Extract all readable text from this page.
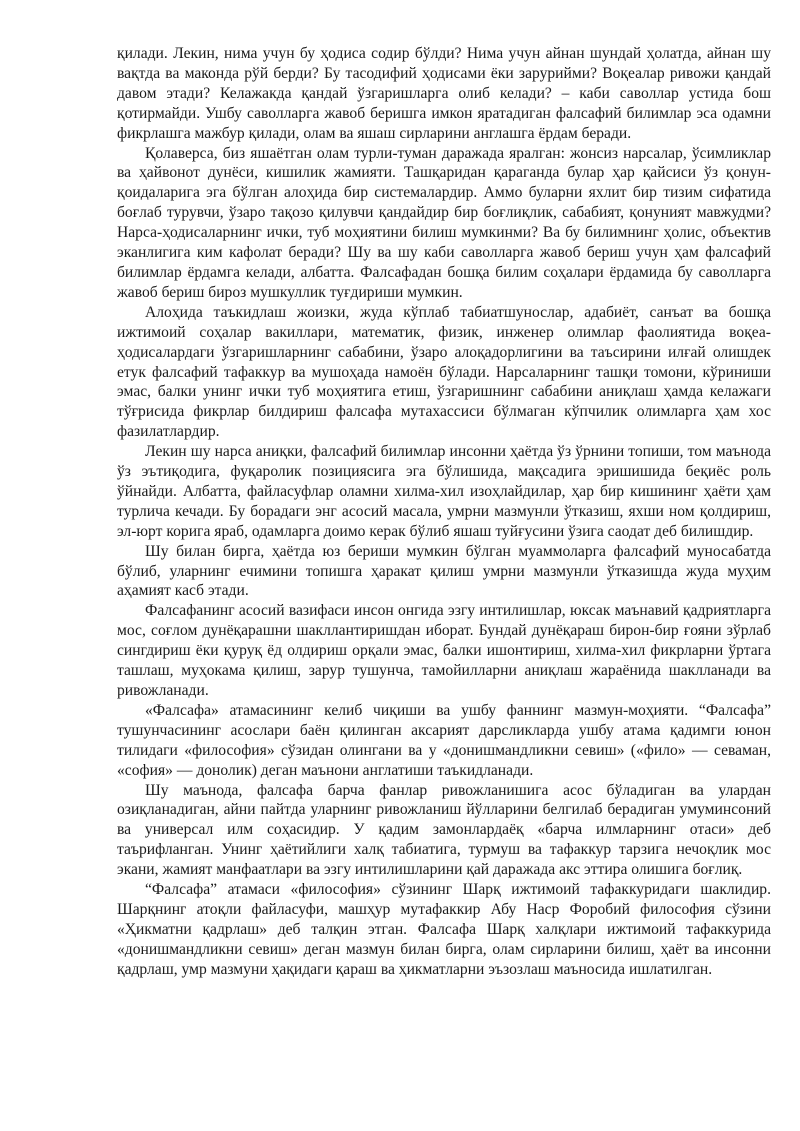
қилади. Лекин, нима учун бу ҳодиса содир бўлди? Нима учун айнан шундай ҳолатда, айнан шу вақтда ва маконда рўй берди? Бу тасодифий ҳодисами ёки зарурийми? Воқеалар ривожи қандай давом этади? Келажакда қандай ўзгаришларга олиб келади? – каби саволлар устида бош қотирмайди. Ушбу саволларга жавоб беришга имкон яратадиган фалсафий билимлар эса одамни фикрлашга мажбур қилади, олам ва яшаш сирларини англашга ёрдам беради.

Қолаверса, биз яшаётган олам турли-туман даражада яралган: жонсиз нарсалар, ўсимликлар ва ҳайвонот дунёси, кишилик жамияти. Ташқаридан қараганда булар ҳар қайсиси ўз қонун-қоидаларига эга бўлган алоҳида бир системалардир. Аммо буларни яхлит бир тизим сифатида боғлаб турувчи, ўзаро тақозо қилувчи қандайдир бир боғлиқлик, сабабият, қонуният мавжудми? Нарса-ҳодисаларнинг ички, туб моҳиятини билиш мумкинми? Ва бу билимнинг ҳолис, объектив эканлигига ким кафолат беради? Шу ва шу каби саволларга жавоб бериш учун ҳам фалсафий билимлар ёрдамга келади, албатта. Фалсафадан бошқа билим соҳалари ёрдамида бу саволларга жавоб бериш бироз мушкуллик туғдириши мумкин.

Алоҳида таъкидлаш жоизки, жуда кўплаб табиатшунослар, адабиёт, санъат ва бошқа ижтимоий соҳалар вакиллари, математик, физик, инженер олимлар фаолиятида воқеа-ҳодисалардаги ўзгаришларнинг сабабини, ўзаро алоқадорлигини ва таъсирини илғай олишдек етук фалсафий тафаккур ва мушоҳада намоён бўлади. Нарсаларнинг ташқи томони, кўриниши эмас, балки унинг ички туб моҳиятига етиш, ўзгаришнинг сабабини аниқлаш ҳамда келажаги тўғрисида фикрлар билдириш фалсафа мутахассиси бўлмаган кўпчилик олимларга ҳам хос фазилатлардир.

Лекин шу нарса аниқки, фалсафий билимлар инсонни ҳаётда ўз ўрнини топиши, том маънода ўз эътиқодига, фуқаролик позициясига эга бўлишида, мақсадига эришишида беқиёс роль ўйнайди. Албатта, файласуфлар оламни хилма-хил изоҳлайдилар, ҳар бир кишининг ҳаёти ҳам турлича кечади. Бу борадаги энг асосий масала, умрни мазмунли ўтказиш, яхши ном қолдириш, эл-юрт корига яраб, одамларга доимо керак бўлиб яшаш туйғусини ўзига саодат деб билишдир.

Шу билан бирга, ҳаётда юз бериши мумкин бўлган муаммоларга фалсафий муносабатда бўлиб, уларнинг ечимини топишга ҳаракат қилиш умрни мазмунли ўтказишда жуда муҳим аҳамият касб этади.

Фалсафанинг асосий вазифаси инсон онгида эзгу интилишлар, юксак маънавий қадриятларга мос, соғлом дунёқарашни шакллантиришдан иборат. Бундай дунёқараш бирон-бир ғояни зўрлаб сингдириш ёки қуруқ ёд олдириш орқали эмас, балки ишонтириш, хилма-хил фикрларни ўртага ташлаш, муҳокама қилиш, зарур тушунча, тамойилларни аниқлаш жараёнида шаклланади ва ривожланади.

«Фалсафа» атамасининг келиб чиқиши ва ушбу фаннинг мазмун-моҳияти. “Фалсафа” тушунчасининг асослари баён қилинган аксарият дарсликларда ушбу атама қадимги юнон тилидаги «философия» сўзидан олингани ва у «донишмандликни севиш» («фило» — севаман, «софия» — донолик) деган маънони англатиши таъкидланади.

Шу маънода, фалсафа барча фанлар ривожланишига асос бўладиган ва улардан озиқланадиган, айни пайтда уларнинг ривожланиш йўлларини белгилаб берадиган умуминсоний ва универсал илм соҳасидир. У қадим замонлардаёқ «барча илмларнинг отаси» деб таърифланган. Унинг ҳаётийлиги халқ табиатига, турмуш ва тафаккур тарзига нечоқлик мос экани, жамият манфаатлари ва эзгу интилишларини қай даражада акс эттира олишига боғлиқ.

“Фалсафа” атамаси «философия» сўзининг Шарқ ижтимоий тафаккуридаги шаклидир. Шарқнинг атоқли файласуфи, машҳур мутафаккир Абу Наср Форобий философия сўзини «Ҳикматни қадрлаш» деб талқин этган. Фалсафа Шарқ халқлари ижтимоий тафаккурида «донишмандликни севиш» деган мазмун билан бирга, олам сирларини билиш, ҳаёт ва инсонни қадрлаш, умр мазмуни ҳақидаги қараш ва ҳикматларни эъзозлаш маъносида ишлатилган.
